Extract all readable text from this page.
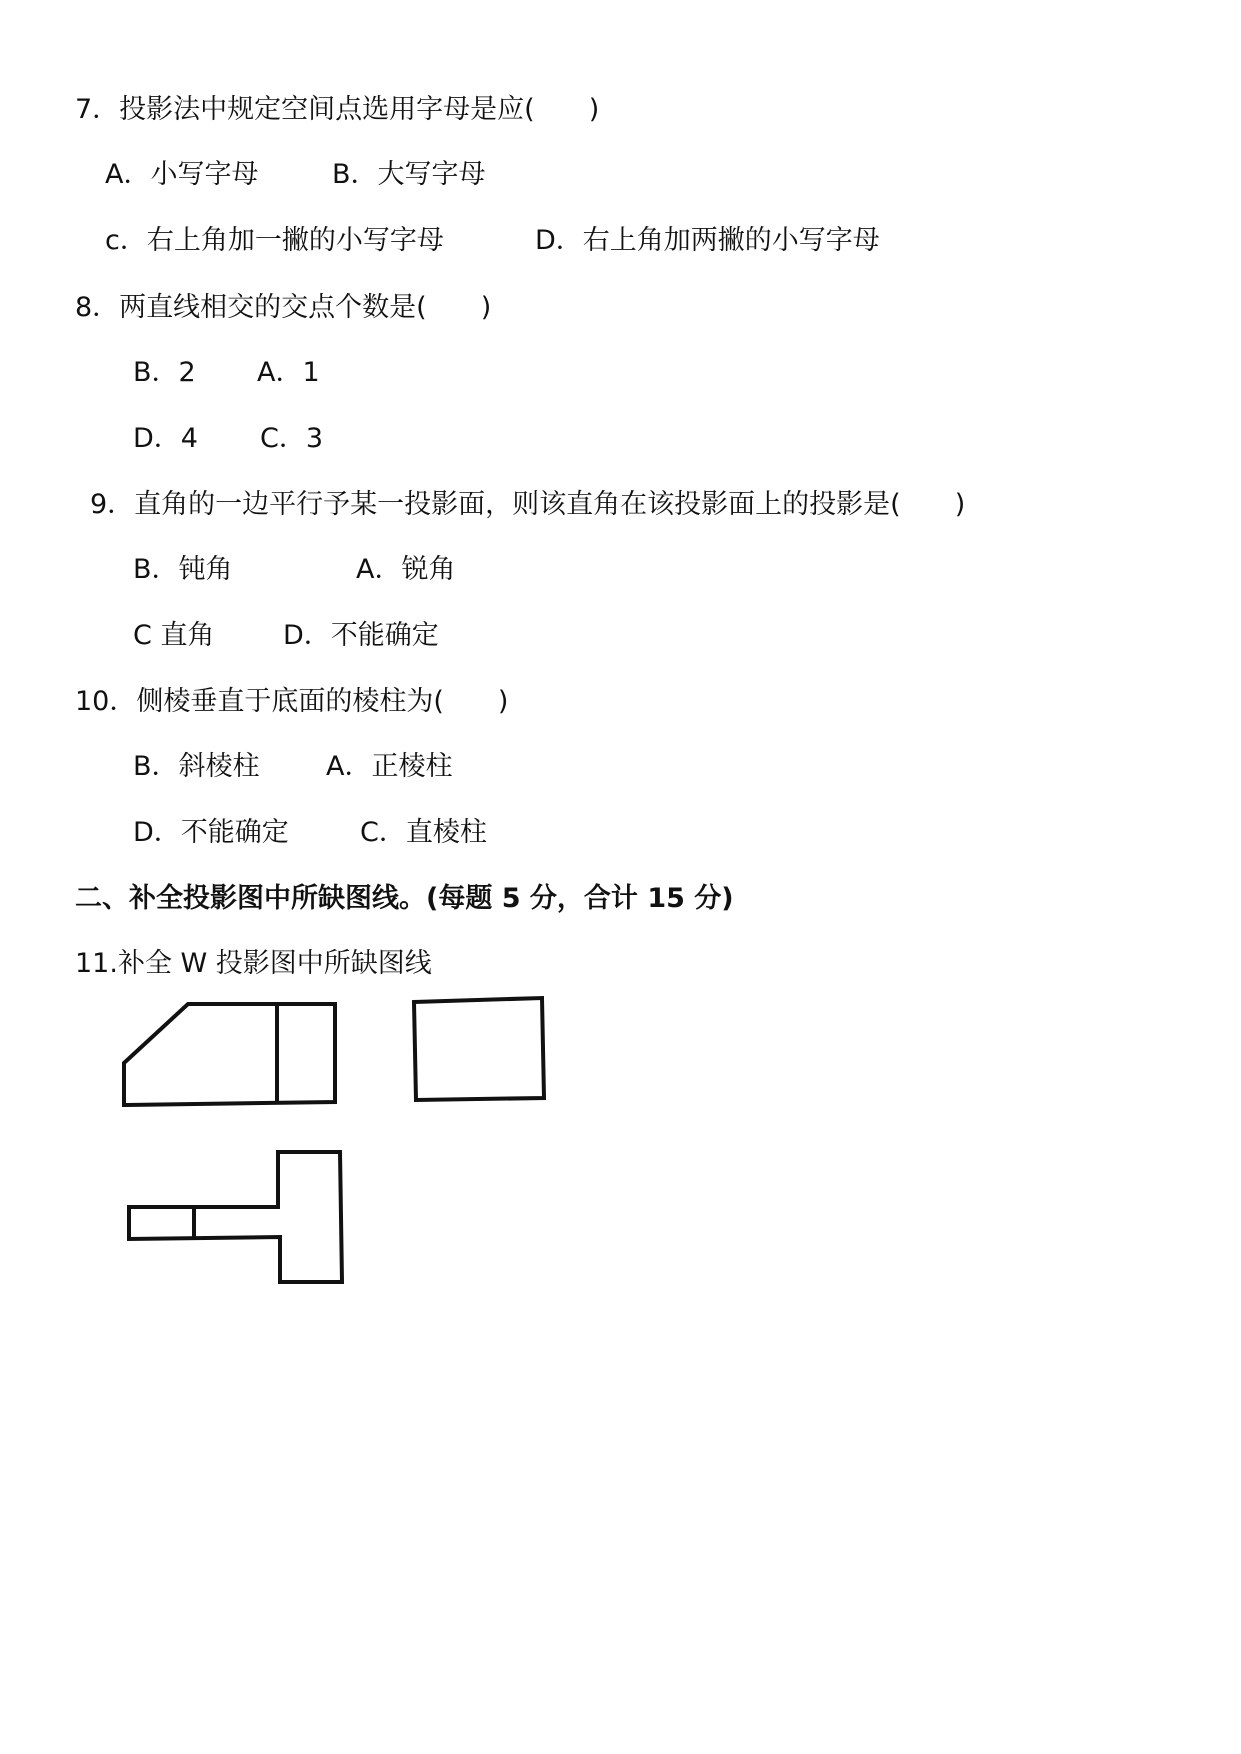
7．投影法中规定空间点选用字母是应(　　)
A．小写字母	B．大写字母
c．右上角加一撇的小写字母	D．右上角加两撇的小写字母
8．两直线相交的交点个数是(　　)
B．2 A．1
D．4 C．3
9．直角的一边平行予某一投影面，则该直角在该投影面上的投影是(　　)
B．钝角	A．锐角
C 直角	D．不能确定
10．侧棱垂直于底面的棱柱为(　　)
B．斜棱柱 A．正棱柱
D．不能确定	C．直棱柱
二、补全投影图中所缺图线。(每题 5 分，合计 15 分)
11.补全 W 投影图中所缺图线
